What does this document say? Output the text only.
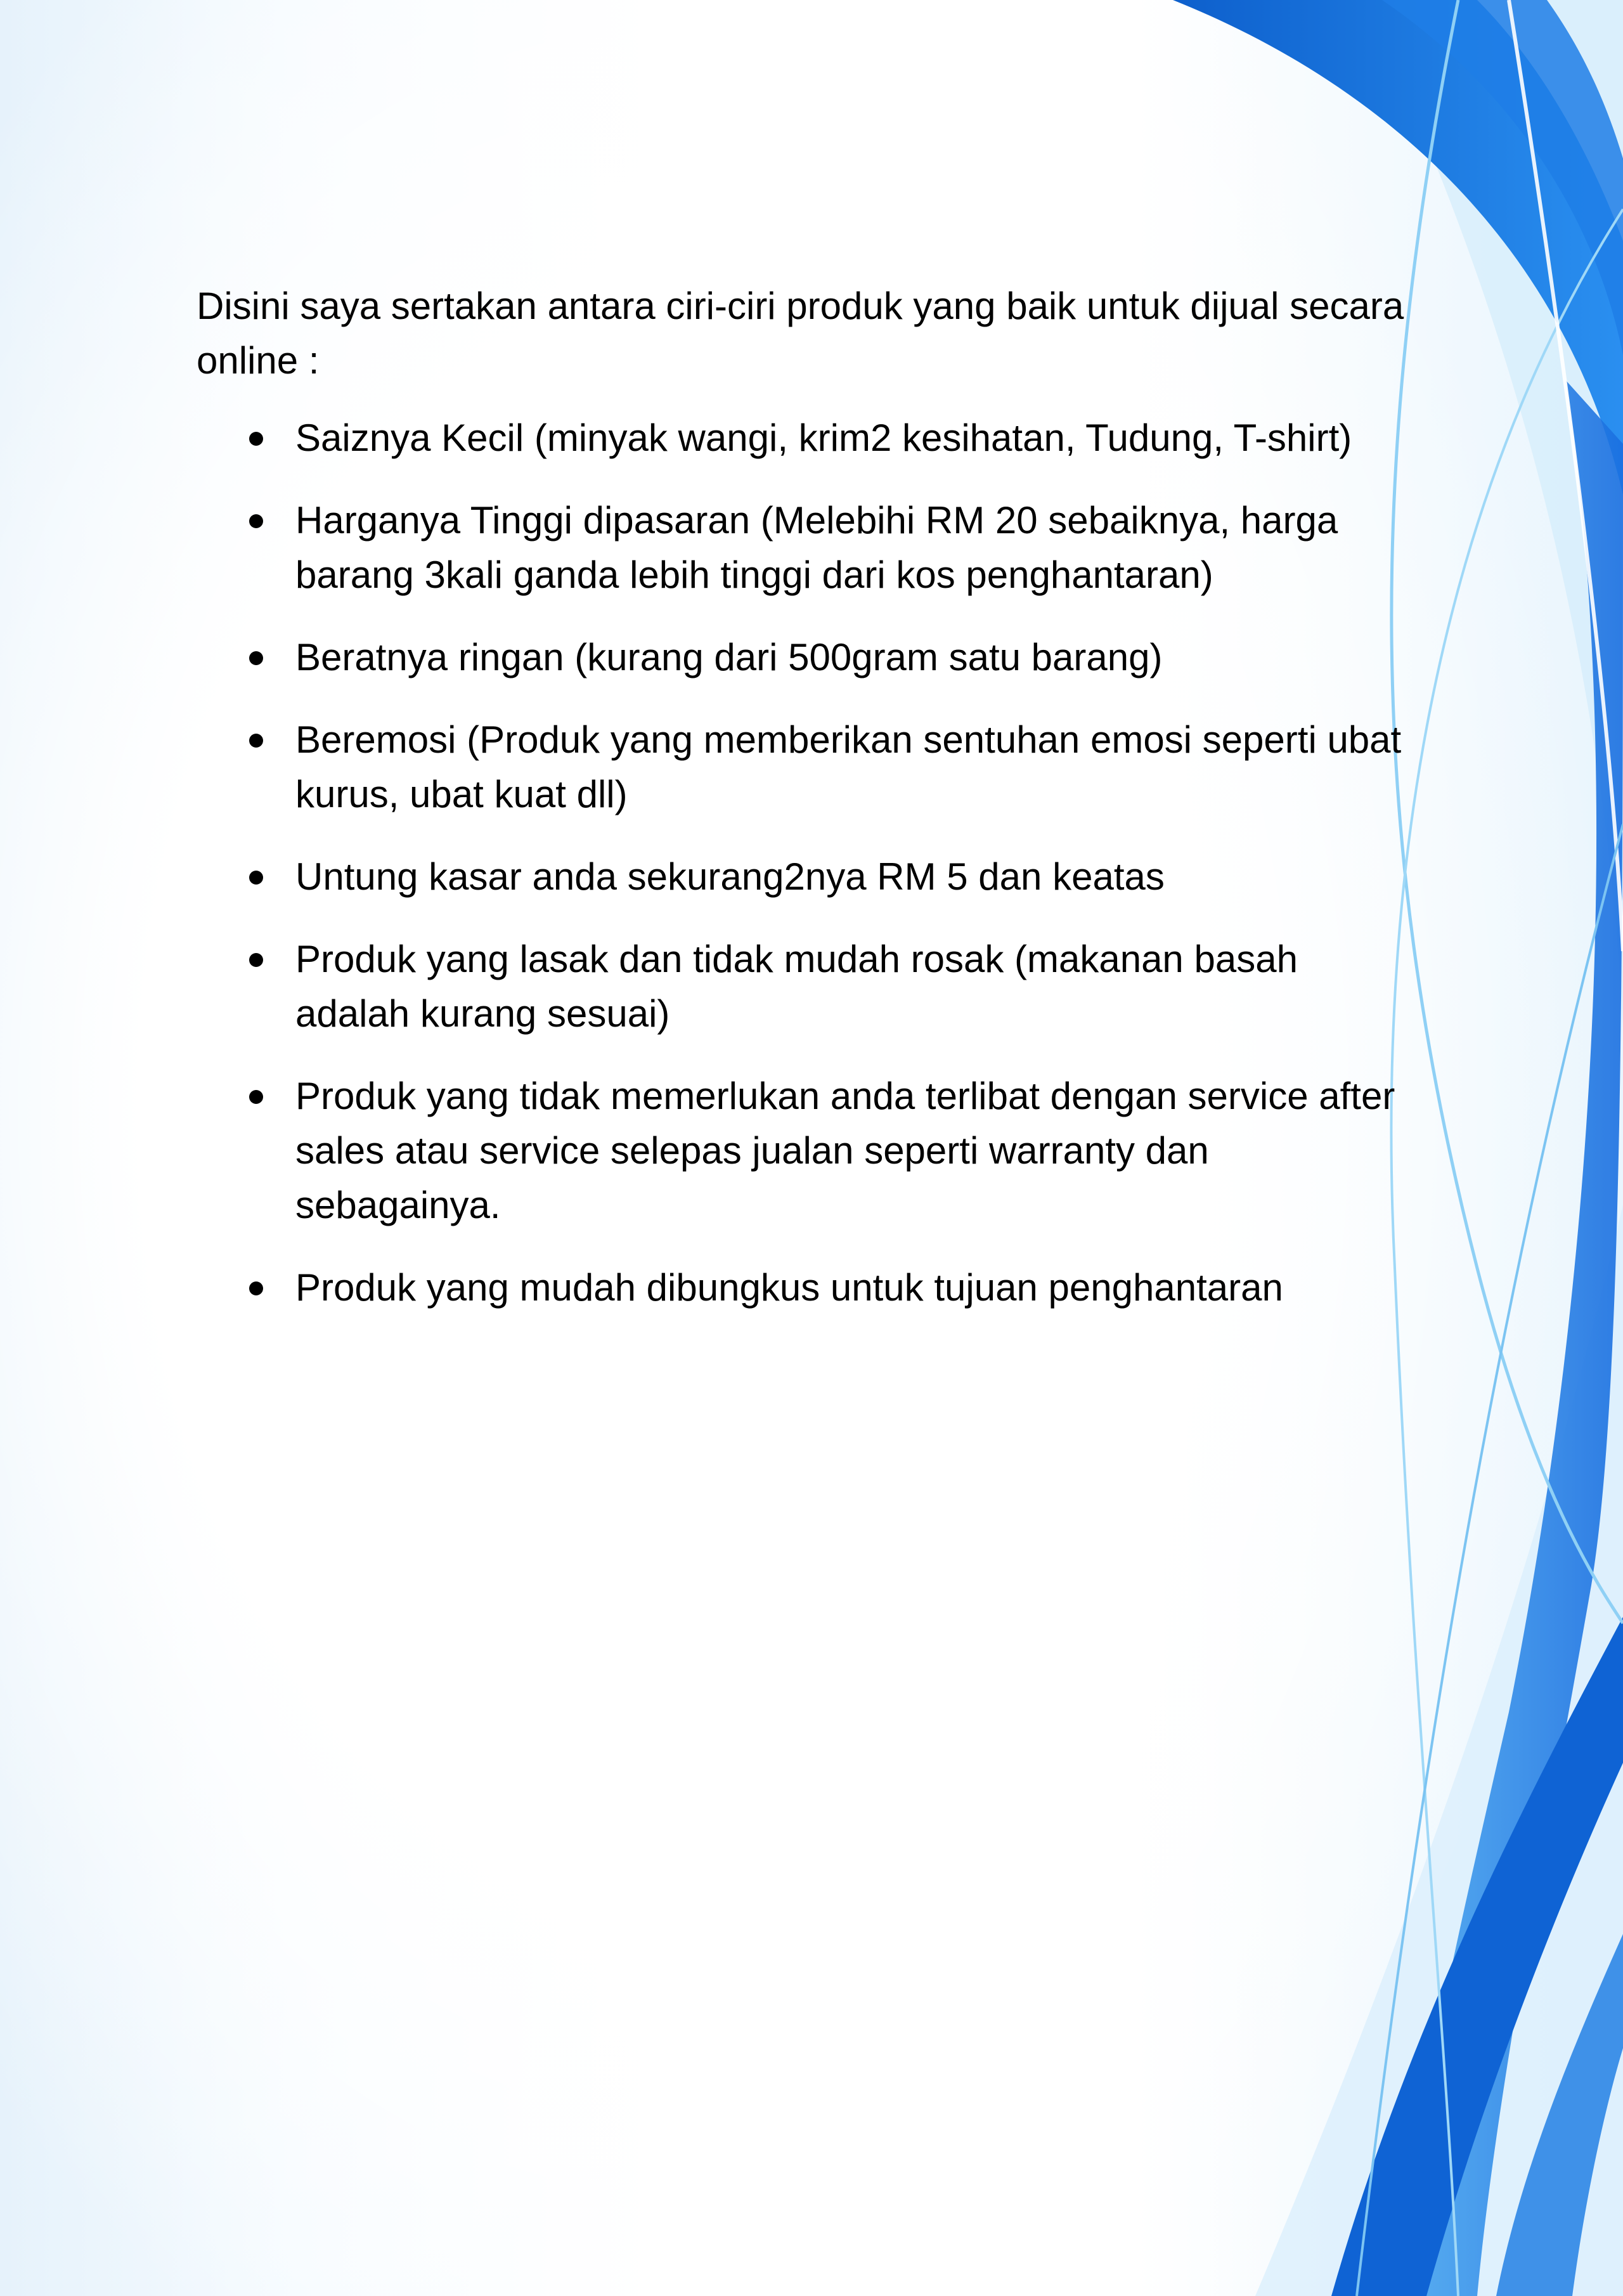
Disini saya sertakan antara ciri-ciri produk yang baik untuk dijual secara online :

Saiznya Kecil (minyak wangi, krim2 kesihatan, Tudung, T-shirt)
Harganya Tinggi dipasaran (Melebihi RM 20 sebaiknya, harga barang 3kali ganda lebih tinggi dari kos penghantaran)
Beratnya ringan (kurang dari 500gram satu barang)
Beremosi (Produk yang memberikan sentuhan emosi seperti ubat kurus, ubat kuat dll)
Untung kasar anda sekurang2nya RM 5 dan keatas
Produk yang lasak dan tidak mudah rosak (makanan basah adalah kurang sesuai)
Produk yang tidak memerlukan anda terlibat dengan service after sales atau service selepas jualan seperti warranty dan sebagainya.
Produk yang mudah dibungkus untuk tujuan penghantaran
